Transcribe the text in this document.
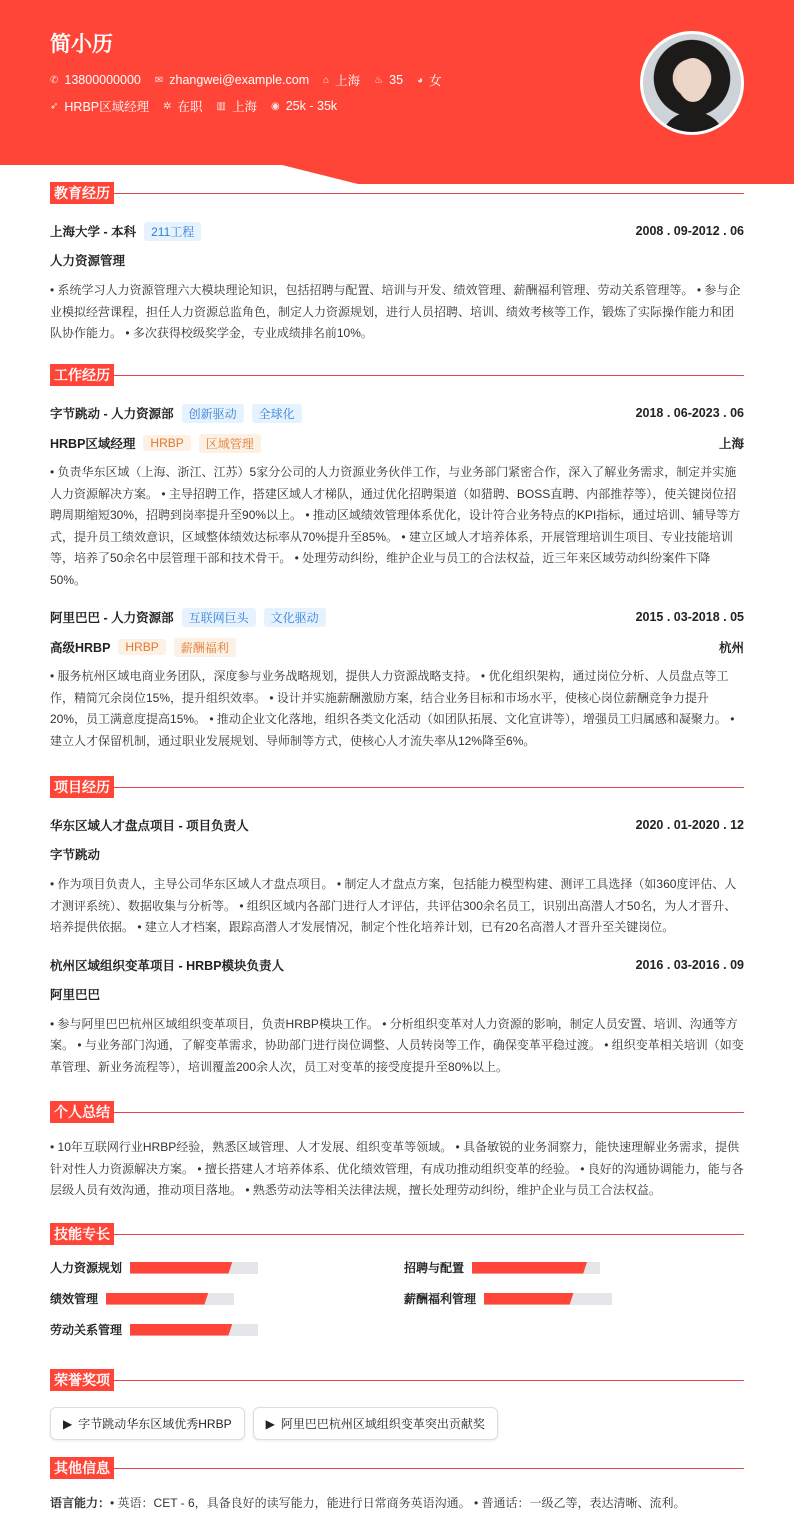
简小历
✆ 13800000000 ✉ zhangwei@example.com ⌂ 上海 ♨ 35 ◕ 女
➶ HRBP区域经理 ✲ 在职 ▥ 上海 ◉ 25k - 35k
教育经历
上海大学 - 本科	211工程	2008 . 09-2012 . 06
人力资源管理
• 系统学习人力资源管理六大模块理论知识，包括招聘与配置、培训与开发、绩效管理、薪酬福利管理、劳动关系管理等。 • 参与企业模拟经营课程，担任人力资源总监角色，制定人力资源规划，进行人员招聘、培训、绩效考核等工作，锻炼了实际操作能力和团队协作能力。 • 多次获得校级奖学金，专业成绩排名前10%。
工作经历
字节跳动 - 人力资源部	创新驱动	全球化	2018 . 06-2023 . 06
HRBP区域经理	HRBP	区域管理	上海
• 负责华东区域（上海、浙江、江苏）5家分公司的人力资源业务伙伴工作，与业务部门紧密合作，深入了解业务需求，制定并实施人力资源解决方案。 • 主导招聘工作，搭建区域人才梯队，通过优化招聘渠道（如猎聘、BOSS直聘、内部推荐等），使关键岗位招聘周期缩短30%，招聘到岗率提升至90%以上。 • 推动区域绩效管理体系优化，设计符合业务特点的KPI指标，通过培训、辅导等方式，提升员工绩效意识，区域整体绩效达标率从70%提升至85%。 • 建立区域人才培养体系，开展管理培训生项目、专业技能培训等，培养了50余名中层管理干部和技术骨干。 • 处理劳动纠纷，维护企业与员工的合法权益，近三年来区域劳动纠纷案件下降50%。
阿里巴巴 - 人力资源部	互联网巨头	文化驱动	2015 . 03-2018 . 05
高级HRBP	HRBP	薪酬福利	杭州
• 服务杭州区域电商业务团队，深度参与业务战略规划，提供人力资源战略支持。 • 优化组织架构，通过岗位分析、人员盘点等工作，精简冗余岗位15%，提升组织效率。 • 设计并实施薪酬激励方案，结合业务目标和市场水平，使核心岗位薪酬竞争力提升20%，员工满意度提高15%。 • 推动企业文化落地，组织各类文化活动（如团队拓展、文化宣讲等），增强员工归属感和凝聚力。 • 建立人才保留机制，通过职业发展规划、导师制等方式，使核心人才流失率从12%降至6%。
项目经历
华东区域人才盘点项目 - 项目负责人	2020 . 01-2020 . 12
字节跳动
• 作为项目负责人，主导公司华东区域人才盘点项目。 • 制定人才盘点方案，包括能力模型构建、测评工具选择（如360度评估、人才测评系统）、数据收集与分析等。 • 组织区域内各部门进行人才评估，共评估300余名员工，识别出高潜人才50名，为人才晋升、培养提供依据。 • 建立人才档案，跟踪高潜人才发展情况，制定个性化培养计划，已有20名高潜人才晋升至关键岗位。
杭州区域组织变革项目 - HRBP模块负责人	2016 . 03-2016 . 09
阿里巴巴
• 参与阿里巴巴杭州区域组织变革项目，负责HRBP模块工作。 • 分析组织变革对人力资源的影响，制定人员安置、培训、沟通等方案。 • 与业务部门沟通，了解变革需求，协助部门进行岗位调整、人员转岗等工作，确保变革平稳过渡。 • 组织变革相关培训（如变革管理、新业务流程等），培训覆盖200余人次，员工对变革的接受度提升至80%以上。
个人总结
• 10年互联网行业HRBP经验，熟悉区域管理、人才发展、组织变革等领域。 • 具备敏锐的业务洞察力，能快速理解业务需求，提供针对性人力资源解决方案。 • 擅长搭建人才培养体系、优化绩效管理，有成功推动组织变革的经验。 • 良好的沟通协调能力，能与各层级人员有效沟通，推动项目落地。 • 熟悉劳动法等相关法律法规，擅长处理劳动纠纷，维护企业与员工合法权益。
技能专长
人力资源规划	招聘与配置
绩效管理	薪酬福利管理
劳动关系管理
荣誉奖项
▶ 字节跳动华东区域优秀HRBP	▶ 阿里巴巴杭州区域组织变革突出贡献奖
其他信息
语言能力：• 英语：CET - 6，具备良好的读写能力，能进行日常商务英语沟通。 • 普通话：一级乙等，表达清晰、流利。
